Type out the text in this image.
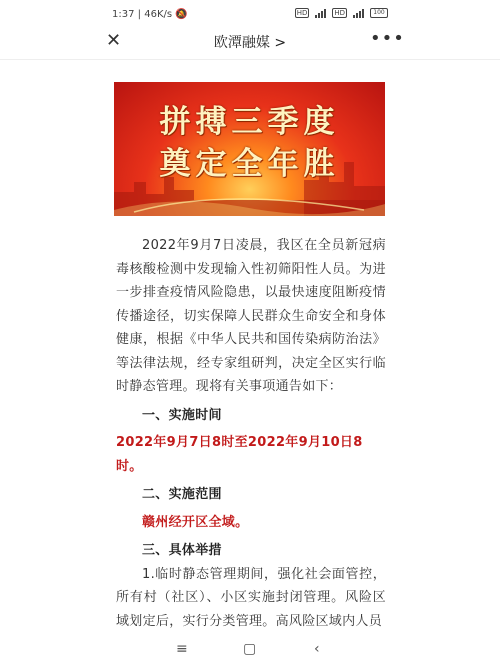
1:37 | 46K/s 🔕	HD	HD	100
✕	欧潭融媒 >	•••
拼搏三季度
奠定全年胜

2022年9月7日凌晨，我区在全员新冠病毒核酸检测中发现输入性初筛阳性人员。为进一步排查疫情风险隐患，以最快速度阻断疫情传播途径，切实保障人民群众生命安全和身体健康，根据《中华人民共和国传染病防治法》等法律法规，经专家组研判，决定全区实行临时静态管理。现将有关事项通告如下：

一、实施时间

2022年9月7日8时至2022年9月10日8时。

二、实施范围

赣州经开区全域。

三、具体举措

1.临时静态管理期间，强化社会面管控，所有村（社区）、小区实施封闭管理。风险区域划定后，实行分类管理。高风险区域内人员

≡	▢	‹
